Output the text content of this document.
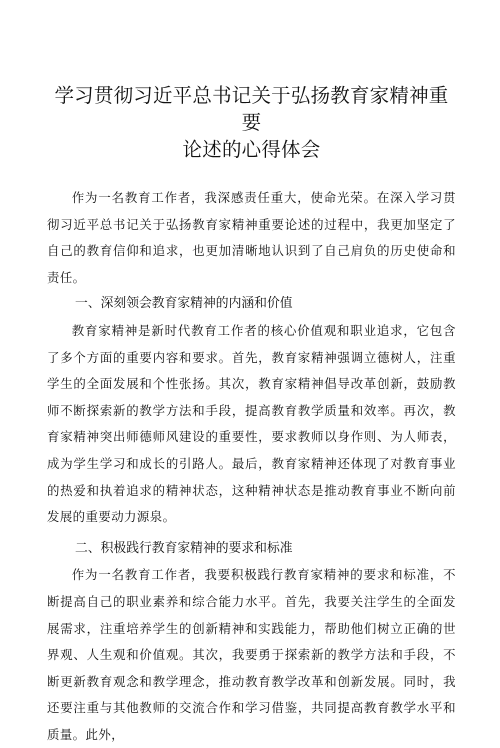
学习贯彻习近平总书记关于弘扬教育家精神重要
论述的心得体会

作为一名教育工作者，我深感责任重大，使命光荣。在深入学习贯彻习近平总书记关于弘扬教育家精神重要论述的过程中，我更加坚定了自己的教育信仰和追求，也更加清晰地认识到了自己肩负的历史使命和责任。

一、深刻领会教育家精神的内涵和价值

教育家精神是新时代教育工作者的核心价值观和职业追求，它包含了多个方面的重要内容和要求。首先，教育家精神强调立德树人，注重学生的全面发展和个性张扬。其次，教育家精神倡导改革创新，鼓励教师不断探索新的教学方法和手段，提高教育教学质量和效率。再次，教育家精神突出师德师风建设的重要性，要求教师以身作则、为人师表，成为学生学习和成长的引路人。最后，教育家精神还体现了对教育事业的热爱和执着追求的精神状态，这种精神状态是推动教育事业不断向前发展的重要动力源泉。

二、积极践行教育家精神的要求和标准

作为一名教育工作者，我要积极践行教育家精神的要求和标准，不断提高自己的职业素养和综合能力水平。首先，我要关注学生的全面发展需求，注重培养学生的创新精神和实践能力，帮助他们树立正确的世界观、人生观和价值观。其次，我要勇于探索新的教学方法和手段，不断更新教育观念和教学理念，推动教育教学改革和创新发展。同时，我还要注重与其他教师的交流合作和学习借鉴，共同提高教育教学水平和质量。此外，
